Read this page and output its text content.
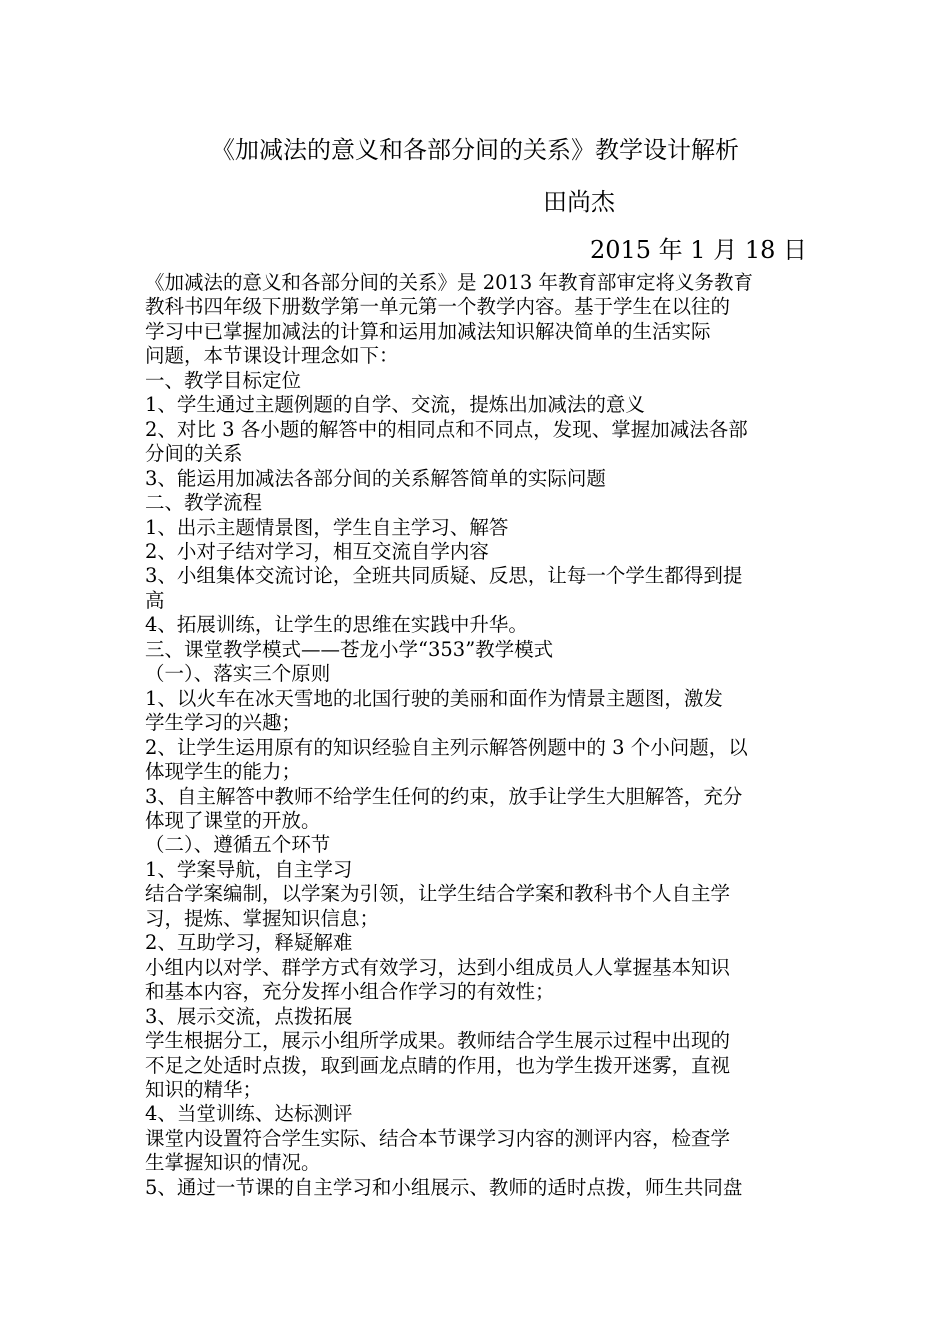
《加减法的意义和各部分间的关系》教学设计解析
田尚杰
2015 年 1 月 18 日
《加减法的意义和各部分间的关系》是 2013 年教育部审定将义务教育
教科书四年级下册数学第一单元第一个教学内容。基于学生在以往的
学习中已掌握加减法的计算和运用加减法知识解决简单的生活实际
问题，本节课设计理念如下：
一、教学目标定位
1、学生通过主题例题的自学、交流，提炼出加减法的意义
2、对比 3 各小题的解答中的相同点和不同点，发现、掌握加减法各部
分间的关系
3、能运用加减法各部分间的关系解答简单的实际问题
二、教学流程
1、出示主题情景图，学生自主学习、解答
2、小对子结对学习，相互交流自学内容
3、小组集体交流讨论，全班共同质疑、反思，让每一个学生都得到提
高
4、拓展训练，让学生的思维在实践中升华。
三、课堂教学模式——苍龙小学“353”教学模式
（一）、落实三个原则
1、以火车在冰天雪地的北国行驶的美丽和面作为情景主题图，激发
学生学习的兴趣；
2、让学生运用原有的知识经验自主列示解答例题中的 3 个小问题，以
体现学生的能力；
3、自主解答中教师不给学生任何的约束，放手让学生大胆解答，充分
体现了课堂的开放。
（二）、遵循五个环节
1、学案导航，自主学习
结合学案编制，以学案为引领，让学生结合学案和教科书个人自主学
习，提炼、掌握知识信息；
2、互助学习，释疑解难
小组内以对学、群学方式有效学习，达到小组成员人人掌握基本知识
和基本内容，充分发挥小组合作学习的有效性；
3、展示交流，点拨拓展
学生根据分工，展示小组所学成果。教师结合学生展示过程中出现的
不足之处适时点拨，取到画龙点睛的作用，也为学生拨开迷雾，直视
知识的精华；
4、当堂训练、达标测评
课堂内设置符合学生实际、结合本节课学习内容的测评内容，检查学
生掌握知识的情况。
5、通过一节课的自主学习和小组展示、教师的适时点拨，师生共同盘
